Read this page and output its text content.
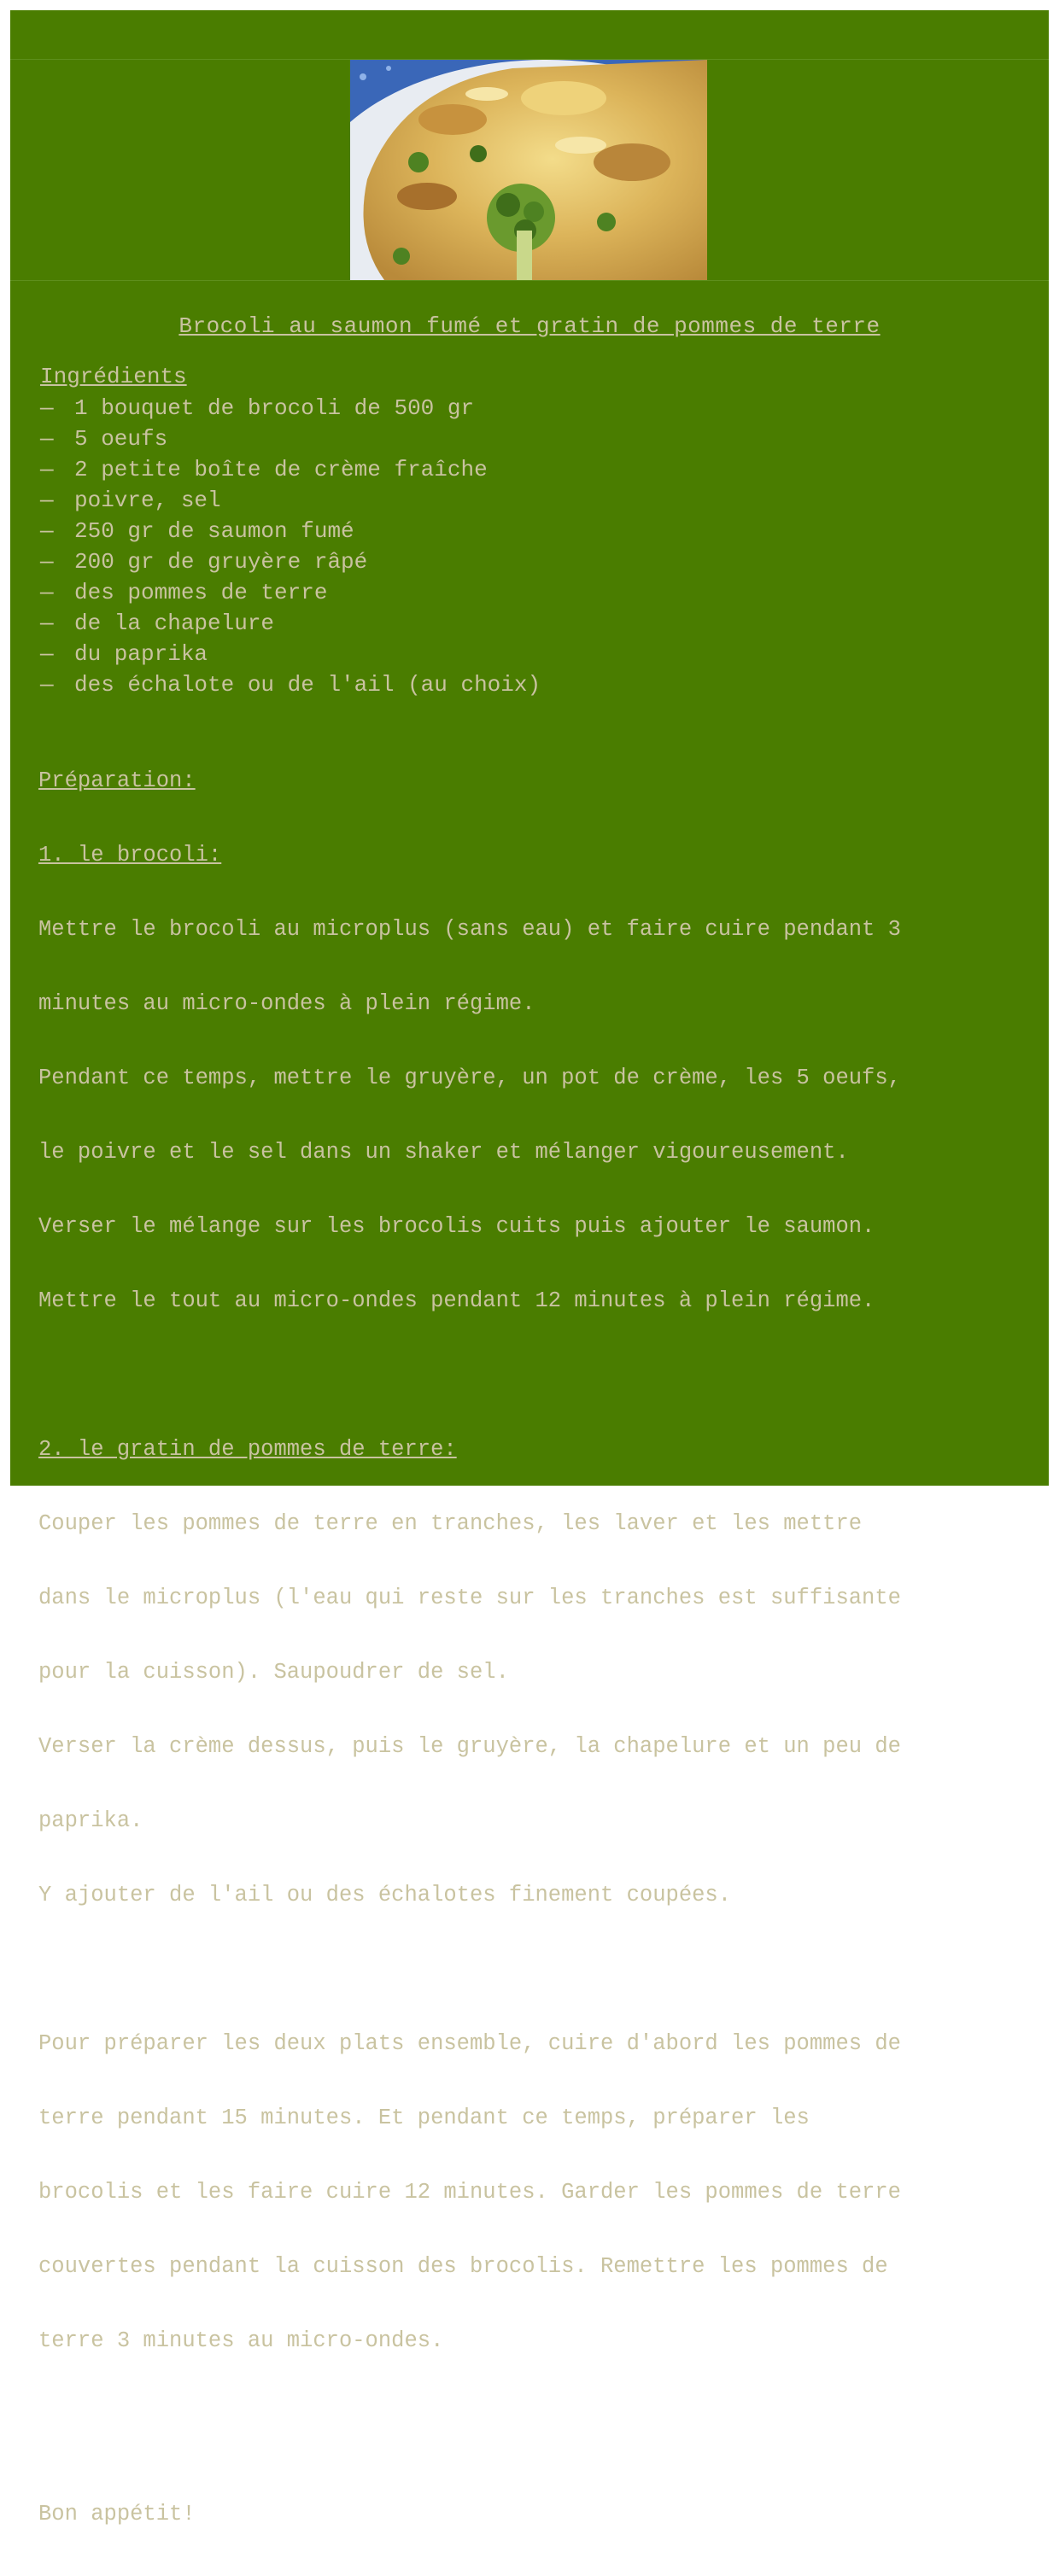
Brocoli au saumon fumé et gratin de pommes de terre
Ingrédients
— 1 bouquet de brocoli de 500 gr
— 5 oeufs
— 2 petite boîte de crème fraîche
— poivre, sel
— 250 gr de saumon fumé
— 200 gr de gruyère râpé
— des pommes de terre
— de la chapelure
— du paprika
— des échalote ou de l'ail (au choix)

Préparation:

1. le brocoli:

Mettre le brocoli au microplus (sans eau) et faire cuire pendant 3

minutes au micro-ondes à plein régime.

Pendant ce temps, mettre le gruyère, un pot de crème, les 5 oeufs,

le poivre et le sel dans un shaker et mélanger vigoureusement.

Verser le mélange sur les brocolis cuits puis ajouter le saumon.

Mettre le tout au micro-ondes pendant 12 minutes à plein régime.

2. le gratin de pommes de terre:

Couper les pommes de terre en tranches, les laver et les mettre

dans le microplus (l'eau qui reste sur les tranches est suffisante

pour la cuisson). Saupoudrer de sel.

Verser la crème dessus, puis le gruyère, la chapelure et un peu de

paprika.

Y ajouter de l'ail ou des échalotes finement coupées.

Pour préparer les deux plats ensemble, cuire d'abord les pommes de

terre pendant 15 minutes. Et pendant ce temps, préparer les

brocolis et les faire cuire 12 minutes. Garder les pommes de terre

couvertes pendant la cuisson des brocolis. Remettre les pommes de

terre 3 minutes au micro-ondes.

Bon appétit!
